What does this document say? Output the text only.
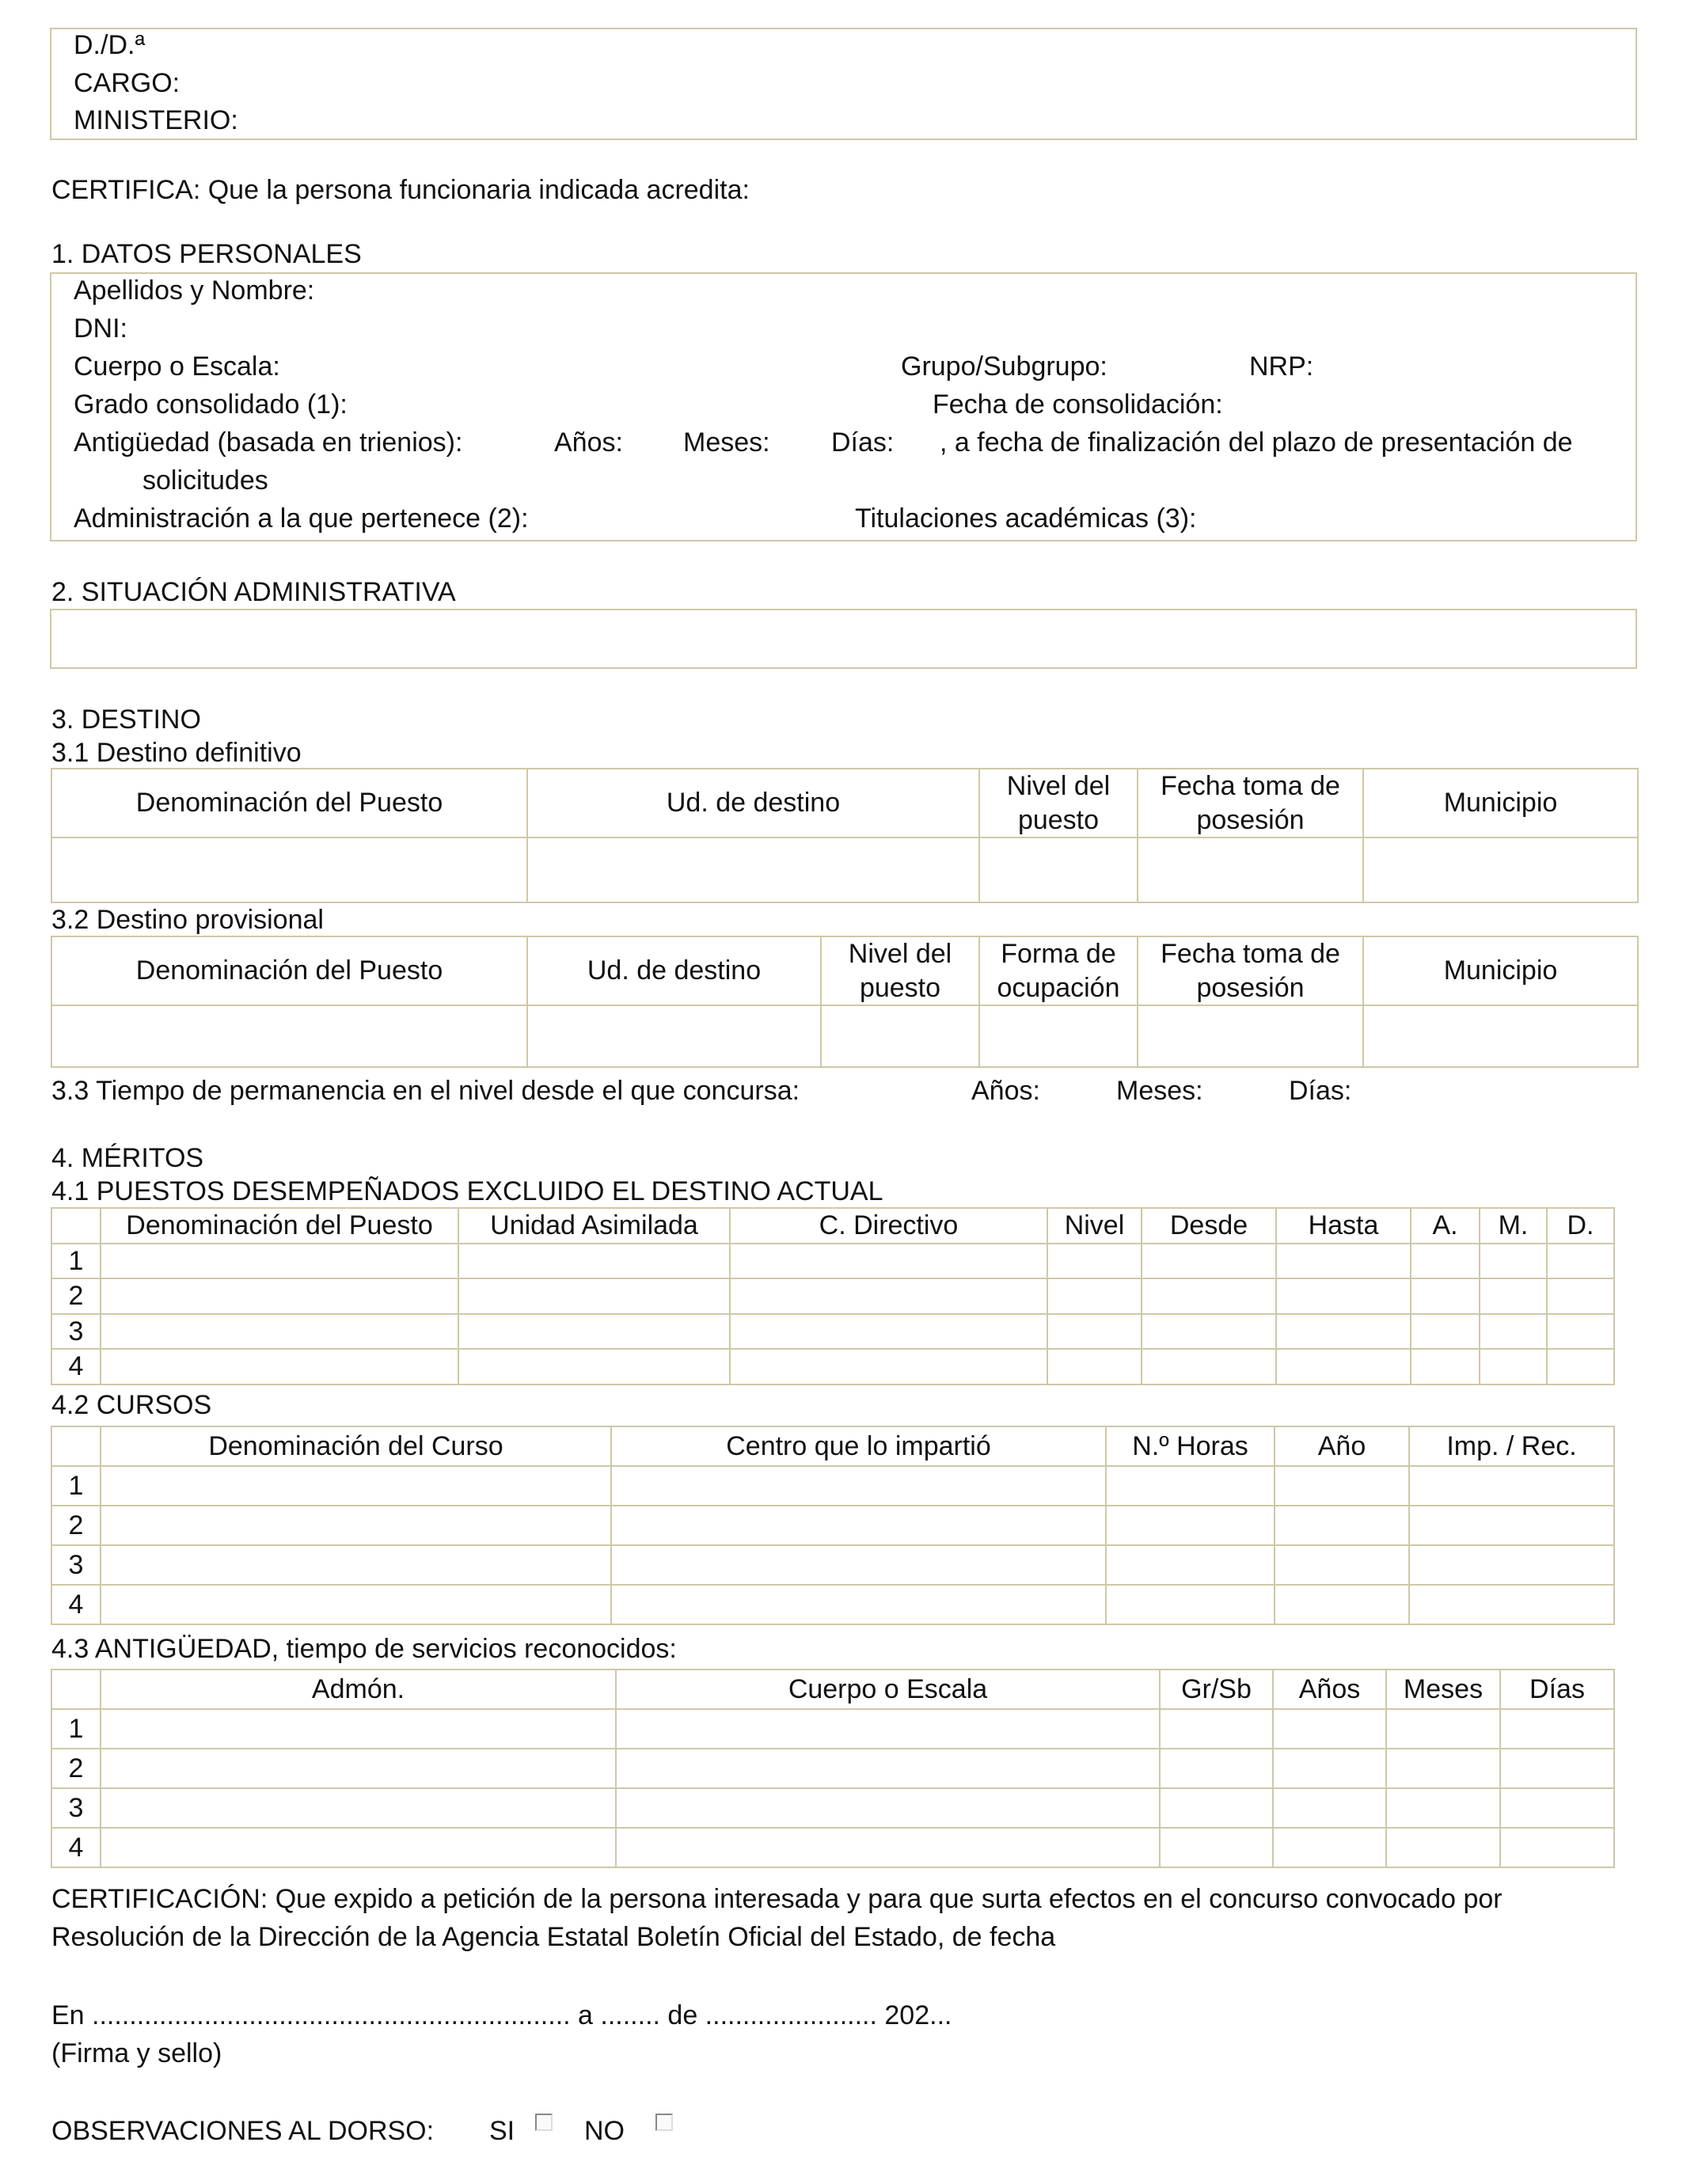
D./D.ª
CARGO:
MINISTERIO:
CERTIFICA: Que la persona funcionaria indicada acredita:
1. DATOS PERSONALES
Apellidos y Nombre:
DNI:
Cuerpo o Escala:	Grupo/Subgrupo:	NRP:
Grado consolidado (1):	Fecha de consolidación:
Antigüedad (basada en trienios):	Años: Meses: Días: , a fecha de finalización del plazo de presentación de
solicitudes
Administración a la que pertenece (2):	Titulaciones académicas (3):
2. SITUACIÓN ADMINISTRATIVA
3. DESTINO
3.1 Destino definitivo
Denominación del Puesto	Ud. de destino	Nivel del puesto	Fecha toma de posesión	Municipio

3.2 Destino provisional
Denominación del Puesto	Ud. de destino	Nivel del puesto	Forma de ocupación	Fecha toma de posesión	Municipio

3.3 Tiempo de permanencia en el nivel desde el que concursa:	Años:	Meses:	Días:
4. MÉRITOS
4.1 PUESTOS DESEMPEÑADOS EXCLUIDO EL DESTINO ACTUAL
	Denominación del Puesto	Unidad Asimilada	C. Directivo	Nivel	Desde	Hasta	A.	M.	D.
1									
2									
3									
4									
4.2 CURSOS
	Denominación del Curso	Centro que lo impartió	N.º Horas	Año	Imp. / Rec.
1					
2					
3					
4					
4.3 ANTIGÜEDAD, tiempo de servicios reconocidos:
	Admón.	Cuerpo o Escala	Gr/Sb	Años	Meses	Días
1						
2						
3						
4						
CERTIFICACIÓN: Que expido a petición de la persona interesada y para que surta efectos en el concurso convocado por
Resolución de la Dirección de la Agencia Estatal Boletín Oficial del Estado, de fecha
En ................................................................ a ........ de ....................... 202...
(Firma y sello)
OBSERVACIONES AL DORSO: SI	NO
